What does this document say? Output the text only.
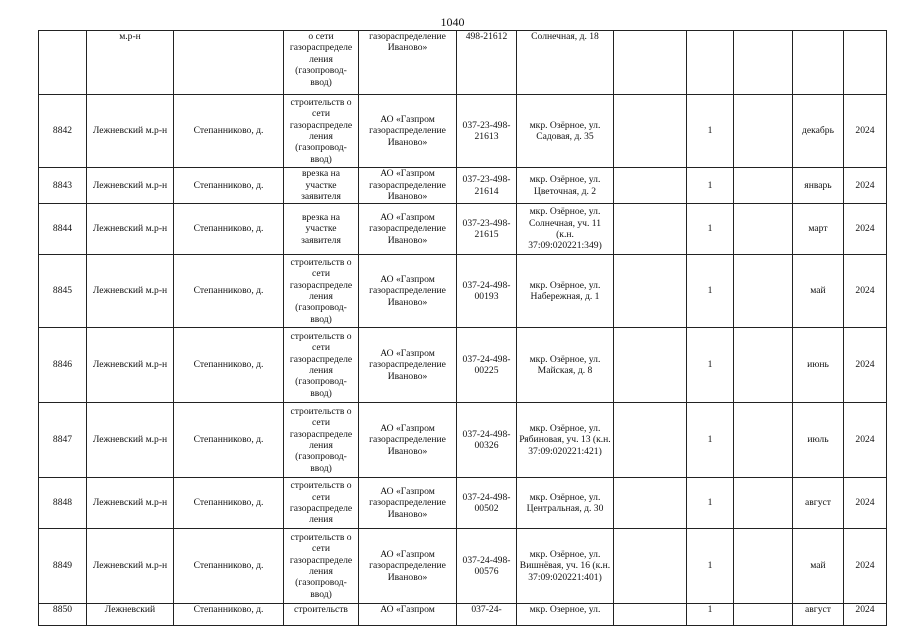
1040
	м.р-н		о сети газораспределе ления (газопровод-ввод)	газораспределение Иваново»	498-21612	Солнечная, д. 18					
8842	Лежневский м.р-н	Степанниково, д.	строительств о сети газораспределе ления (газопровод-ввод)	АО «Газпром газораспределение Иваново»	037-23-498-21613	мкр. Озёрное, ул. Садовая, д. 35		1		декабрь	2024
8843	Лежневский м.р-н	Степанниково, д.	врезка на участке заявителя	АО «Газпром газораспределение Иваново»	037-23-498-21614	мкр. Озёрное, ул. Цветочная, д. 2		1		январь	2024
8844	Лежневский м.р-н	Степанниково, д.	врезка на участке заявителя	АО «Газпром газораспределение Иваново»	037-23-498-21615	мкр. Озёрное, ул. Солнечная, уч. 11 (к.н. 37:09:020221:349)		1		март	2024
8845	Лежневский м.р-н	Степанниково, д.	строительств о сети газораспределе ления (газопровод-ввод)	АО «Газпром газораспределение Иваново»	037-24-498-00193	мкр. Озёрное, ул. Набережная, д. 1		1		май	2024
8846	Лежневский м.р-н	Степанниково, д.	строительств о сети газораспределе ления (газопровод-ввод)	АО «Газпром газораспределение Иваново»	037-24-498-00225	мкр. Озёрное, ул. Майская, д. 8		1		июнь	2024
8847	Лежневский м.р-н	Степанниково, д.	строительств о сети газораспределе ления (газопровод-ввод)	АО «Газпром газораспределение Иваново»	037-24-498-00326	мкр. Озёрное, ул. Рябиновая, уч. 13 (к.н. 37:09:020221:421)		1		июль	2024
8848	Лежневский м.р-н	Степанниково, д.	строительств о сети газораспределе ления	АО «Газпром газораспределение Иваново»	037-24-498-00502	мкр. Озёрное, ул. Центральная, д. 30		1		август	2024
8849	Лежневский м.р-н	Степанниково, д.	строительств о сети газораспределе ления (газопровод-ввод)	АО «Газпром газораспределение Иваново»	037-24-498-00576	мкр. Озёрное, ул. Вишнёвая, уч. 16 (к.н. 37:09:020221:401)		1		май	2024
8850	Лежневский	Степанниково, д.	строительств	АО «Газпром	037-24-	мкр. Озерное, ул.		1		август	2024
